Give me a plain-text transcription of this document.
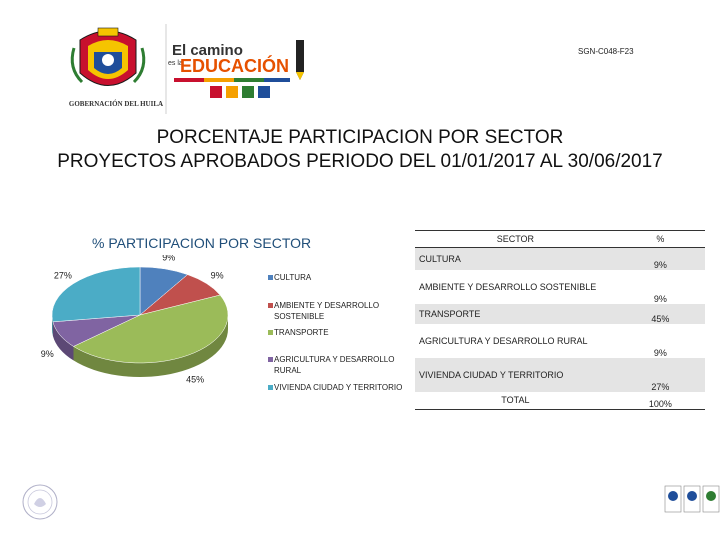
GOBERNACIÓN DEL HUILA
El camino
es la
EDUCACIÓN
SGN-C048-F23
PORCENTAJE PARTICIPACION POR SECTOR
PROYECTOS APROBADOS PERIODO DEL 01/01/2017 AL 30/06/2017
% PARTICIPACION POR SECTOR
9%
9%
45%
9%
27%	CULTURA
AMBIENTE Y DESARROLLO SOSTENIBLE
TRANSPORTE
AGRICULTURA Y DESARROLLO RURAL
VIVIENDA CIUDAD Y TERRITORIO
SECTOR	%
CULTURA	9%
AMBIENTE Y DESARROLLO SOSTENIBLE	9%
TRANSPORTE	45%
AGRICULTURA Y DESARROLLO RURAL	9%
VIVIENDA CIUDAD Y TERRITORIO	27%
TOTAL	100%
